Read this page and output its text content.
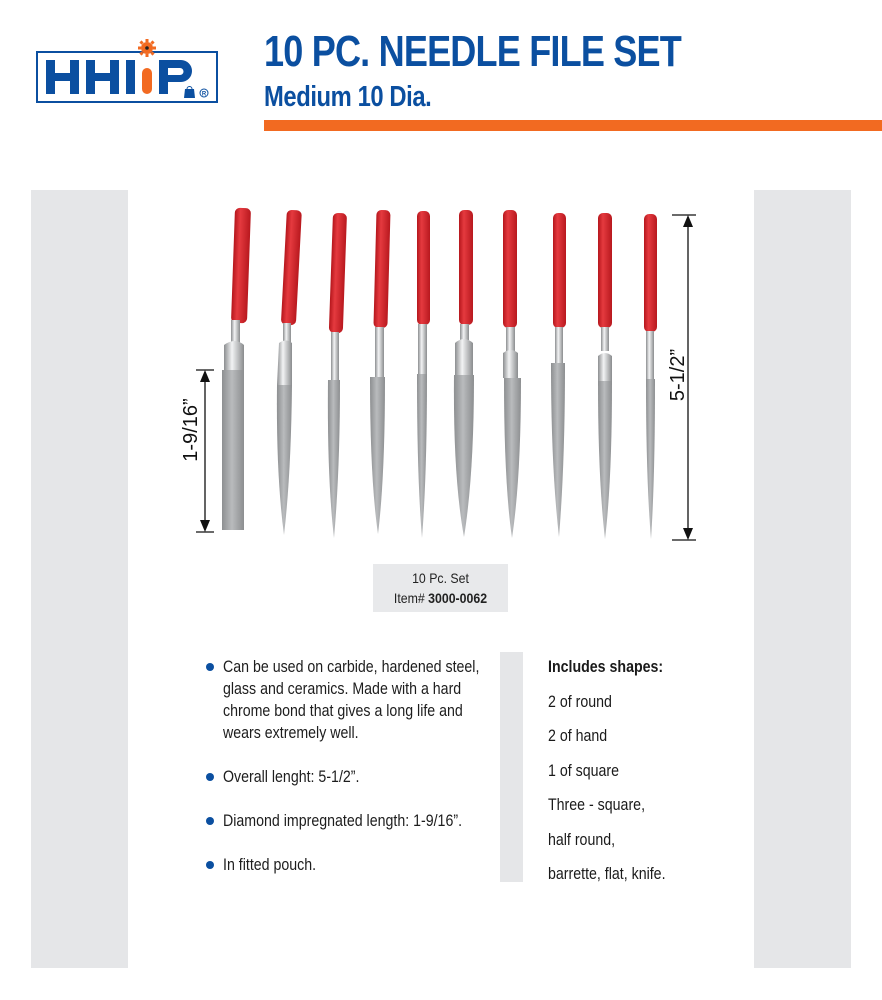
R
10 PC. NEEDLE FILE SET
Medium 10 Dia.
5-1/2”
1-9/16”
10 Pc. Set
Item# 3000-0062
Can be used on carbide, hardened steel, glass and ceramics. Made with a hard chrome bond that gives a long life and wears extremely well.
Overall lenght: 5-1/2”.
Diamond impregnated length: 1-9/16”.
In fitted pouch.
Includes shapes:
2 of round
2 of hand
1 of square
Three - square,
half round,
barrette, flat, knife.
